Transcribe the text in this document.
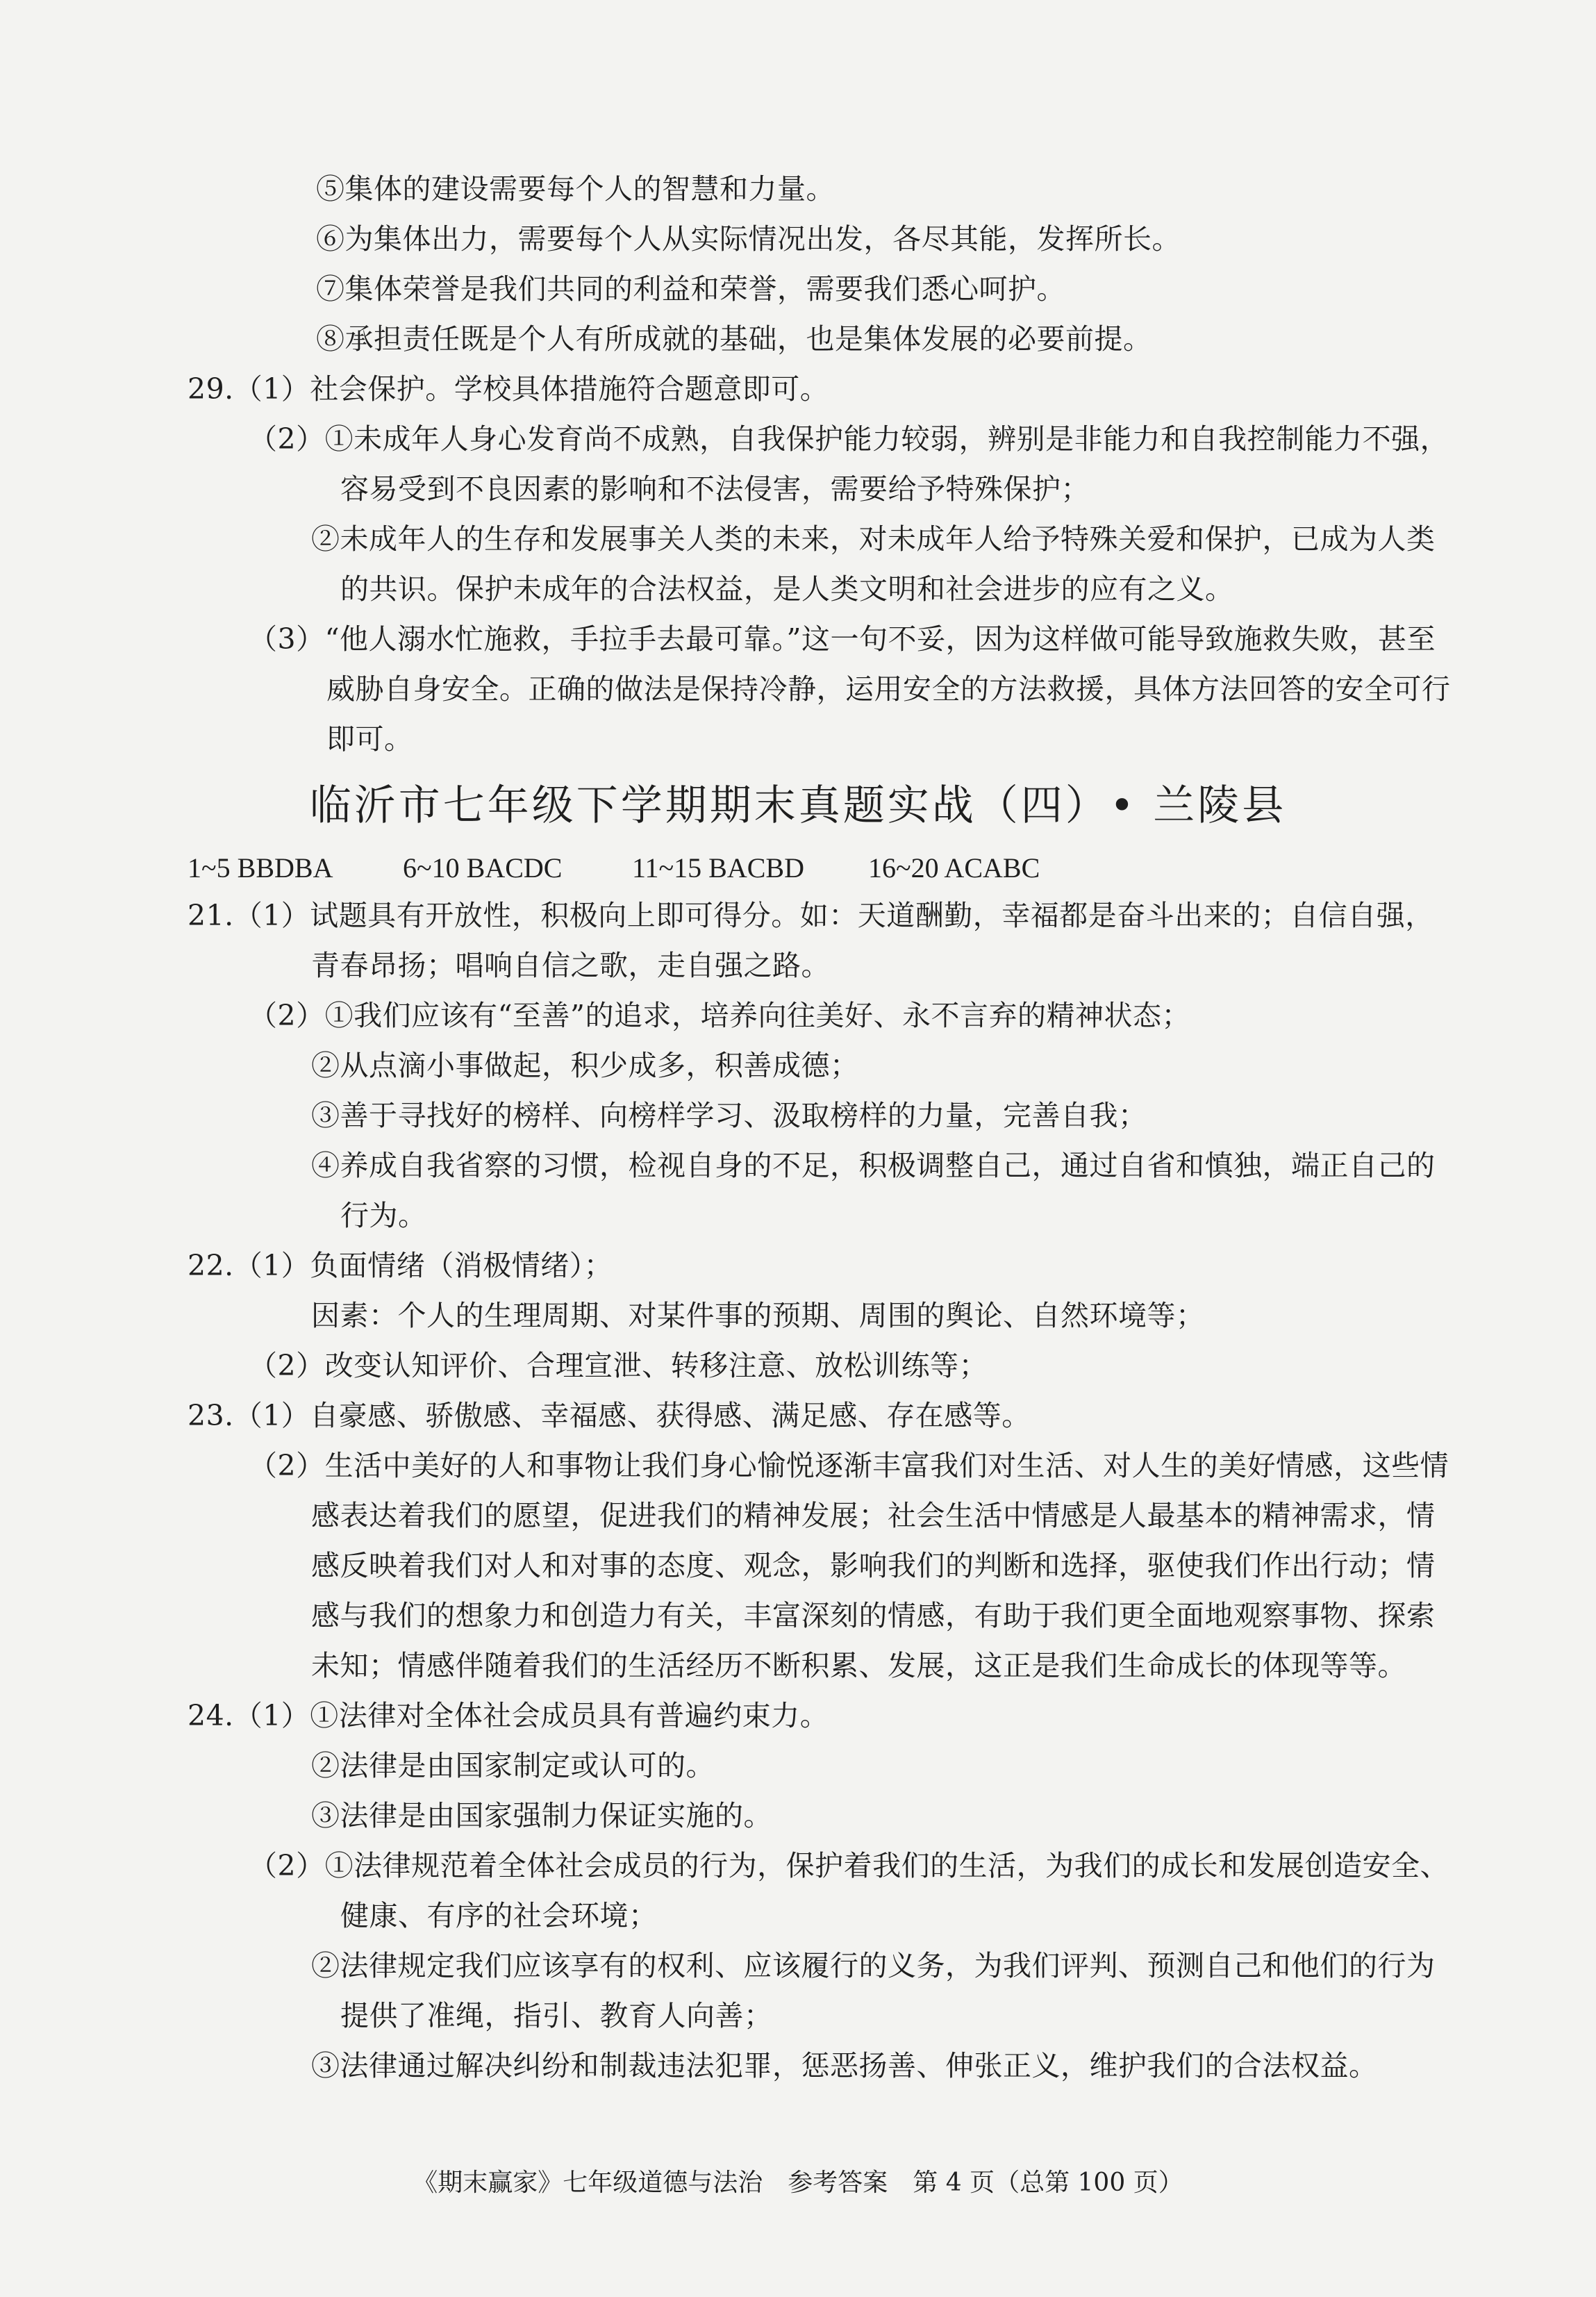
⑤集体的建设需要每个人的智慧和力量。
⑥为集体出力，需要每个人从实际情况出发，各尽其能，发挥所长。
⑦集体荣誉是我们共同的利益和荣誉，需要我们悉心呵护。
⑧承担责任既是个人有所成就的基础，也是集体发展的必要前提。
29.（1）社会保护。学校具体措施符合题意即可。
（2）①未成年人身心发育尚不成熟，自我保护能力较弱，辨别是非能力和自我控制能力不强，
容易受到不良因素的影响和不法侵害，需要给予特殊保护；
②未成年人的生存和发展事关人类的未来，对未成年人给予特殊关爱和保护，已成为人类
的共识。保护未成年的合法权益，是人类文明和社会进步的应有之义。
（3）“他人溺水忙施救，手拉手去最可靠。”这一句不妥，因为这样做可能导致施救失败，甚至
威胁自身安全。正确的做法是保持冷静，运用安全的方法救援，具体方法回答的安全可行
即可。
临沂市七年级下学期期末真题实战（四）• 兰陵县
1~5 BBDBA	6~10 BACDC	11~15 BACBD 16~20 ACABC
21.（1）试题具有开放性，积极向上即可得分。如：天道酬勤，幸福都是奋斗出来的；自信自强，
青春昂扬；唱响自信之歌，走自强之路。
（2）①我们应该有“至善”的追求，培养向往美好、永不言弃的精神状态；
②从点滴小事做起，积少成多，积善成德；
③善于寻找好的榜样、向榜样学习、汲取榜样的力量，完善自我；
④养成自我省察的习惯，检视自身的不足，积极调整自己，通过自省和慎独，端正自己的
行为。
22.（1）负面情绪（消极情绪）；
因素：个人的生理周期、对某件事的预期、周围的舆论、自然环境等；
（2）改变认知评价、合理宣泄、转移注意、放松训练等；
23.（1）自豪感、骄傲感、幸福感、获得感、满足感、存在感等。
（2）生活中美好的人和事物让我们身心愉悦逐渐丰富我们对生活、对人生的美好情感，这些情
感表达着我们的愿望，促进我们的精神发展；社会生活中情感是人最基本的精神需求，情
感反映着我们对人和对事的态度、观念，影响我们的判断和选择，驱使我们作出行动；情
感与我们的想象力和创造力有关，丰富深刻的情感，有助于我们更全面地观察事物、探索
未知；情感伴随着我们的生活经历不断积累、发展，这正是我们生命成长的体现等等。
24.（1）①法律对全体社会成员具有普遍约束力。
②法律是由国家制定或认可的。
③法律是由国家强制力保证实施的。
（2）①法律规范着全体社会成员的行为，保护着我们的生活，为我们的成长和发展创造安全、
健康、有序的社会环境；
②法律规定我们应该享有的权利、应该履行的义务，为我们评判、预测自己和他们的行为
提供了准绳，指引、教育人向善；
③法律通过解决纠纷和制裁违法犯罪，惩恶扬善、伸张正义，维护我们的合法权益。
《期末赢家》七年级道德与法治　参考答案　第 4 页（总第 100 页）
